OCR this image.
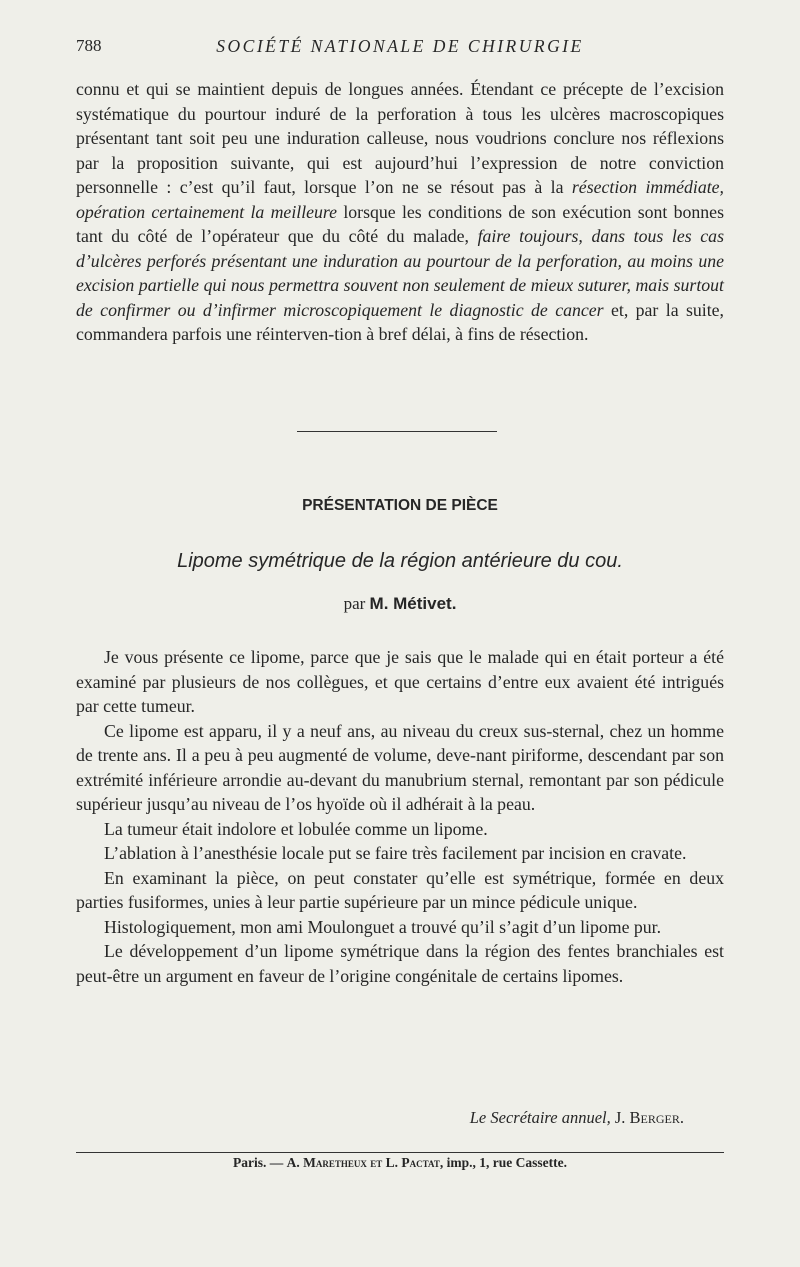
788	SOCIÉTÉ NATIONALE DE CHIRURGIE

connu et qui se maintient depuis de longues années. Étendant ce précepte de l’excision systématique du pourtour induré de la perforation à tous les ulcères macroscopiques présentant tant soit peu une induration calleuse, nous voudrions conclure nos réflexions par la proposition suivante, qui est aujourd’hui l’expression de notre conviction personnelle : c’est qu’il faut, lorsque l’on ne se résout pas à la résection immédiate, opération certainement la meilleure lorsque les conditions de son exécution sont bonnes tant du côté de l’opérateur que du côté du malade, faire toujours, dans tous les cas d’ulcères perforés présentant une induration au pourtour de la perforation, au moins une excision partielle qui nous permettra souvent non seulement de mieux suturer, mais surtout de confirmer ou d’infirmer microscopiquement le diagnostic de cancer et, par la suite, commandera parfois une réinterven-tion à bref délai, à fins de résection.

PRÉSENTATION DE PIÈCE
Lipome symétrique de la région antérieure du cou.
par M. Métivet.

Je vous présente ce lipome, parce que je sais que le malade qui en était porteur a été examiné par plusieurs de nos collègues, et que certains d’entre eux avaient été intrigués par cette tumeur.

Ce lipome est apparu, il y a neuf ans, au niveau du creux sus-sternal, chez un homme de trente ans. Il a peu à peu augmenté de volume, deve-nant piriforme, descendant par son extrémité inférieure arrondie au-devant du manubrium sternal, remontant par son pédicule supérieur jusqu’au niveau de l’os hyoïde où il adhérait à la peau.

La tumeur était indolore et lobulée comme un lipome.

L’ablation à l’anesthésie locale put se faire très facilement par incision en cravate.

En examinant la pièce, on peut constater qu’elle est symétrique, formée en deux parties fusiformes, unies à leur partie supérieure par un mince pédicule unique.

Histologiquement, mon ami Moulonguet a trouvé qu’il s’agit d’un lipome pur.

Le développement d’un lipome symétrique dans la région des fentes branchiales est peut-être un argument en faveur de l’origine congénitale de certains lipomes.

Le Secrétaire annuel, J. Berger.
Paris. — A. Maretheux et L. Pactat, imp., 1, rue Cassette.
